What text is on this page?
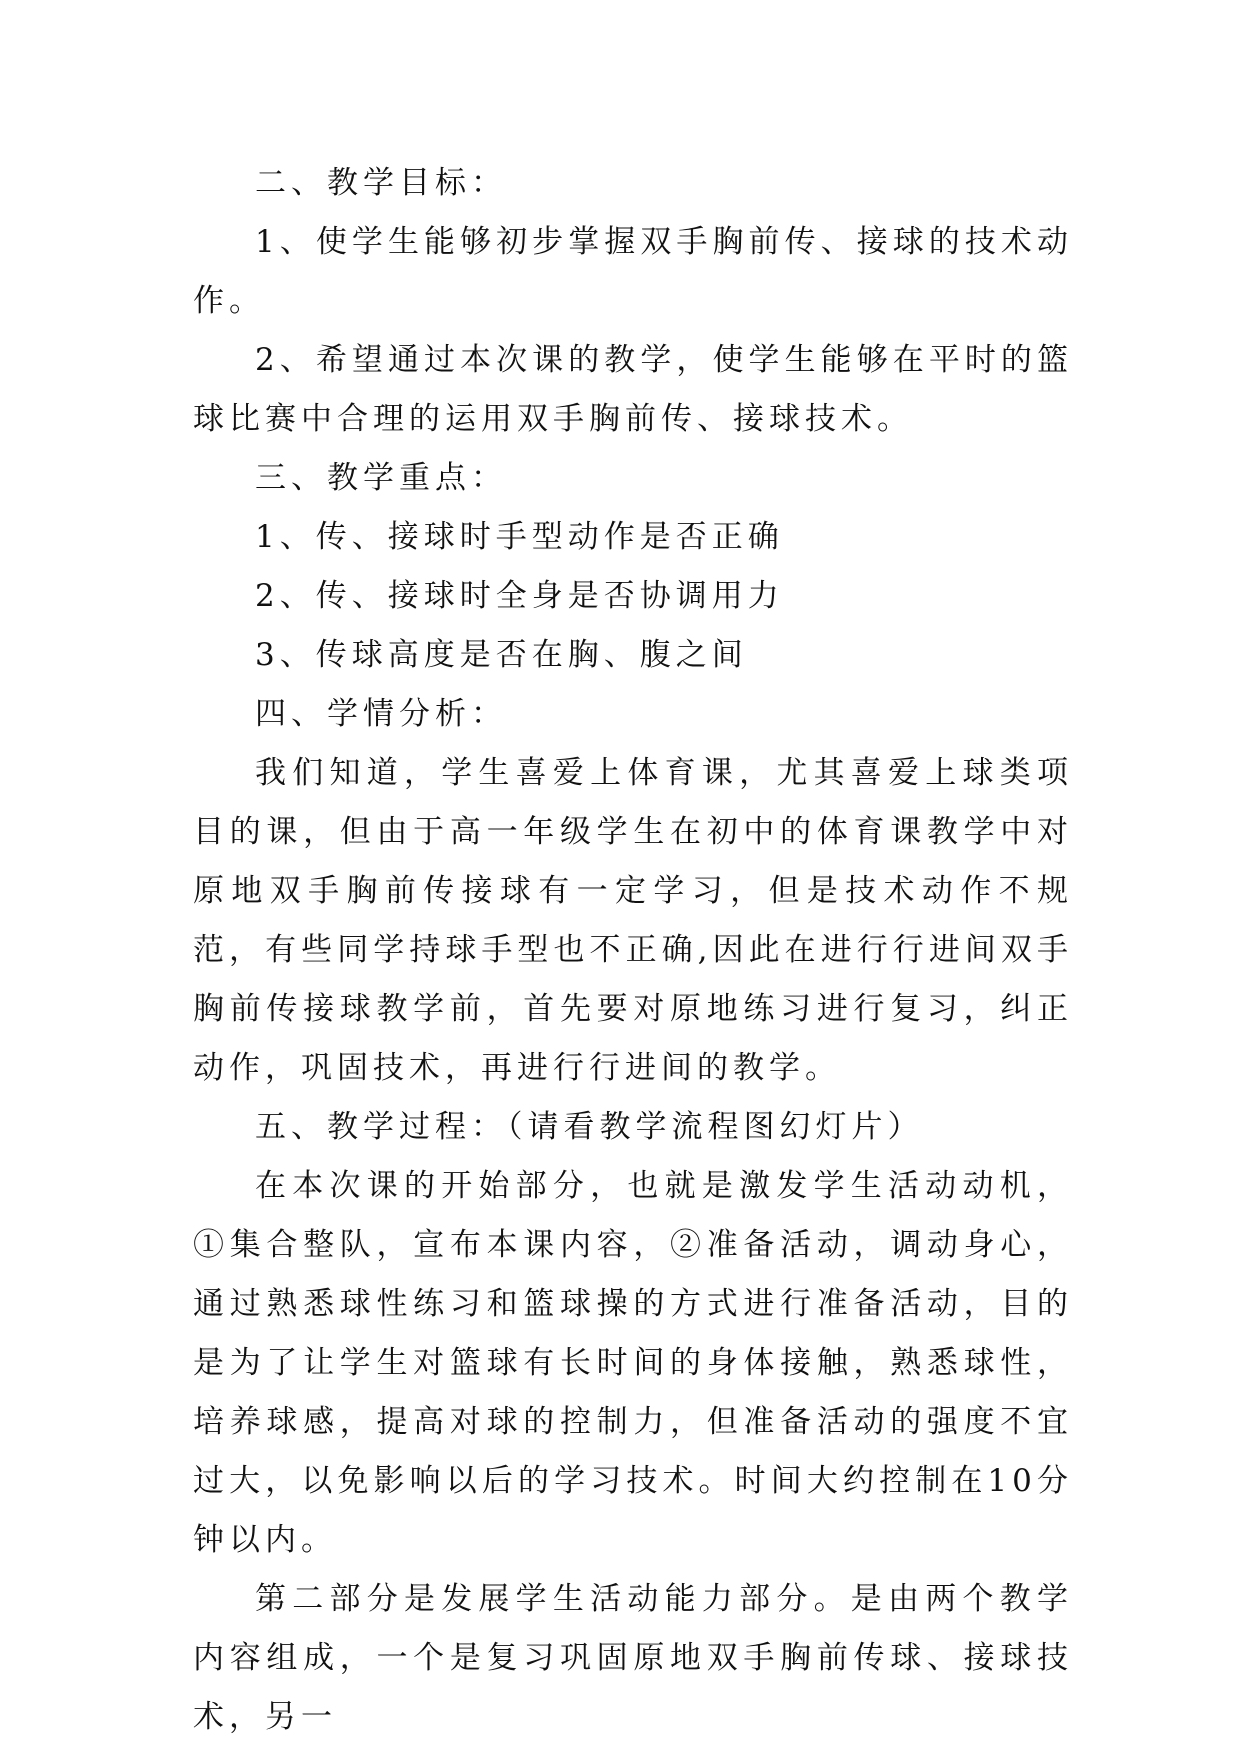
二、教学目标：

1、使学生能够初步掌握双手胸前传、接球的技术动作。

2、希望通过本次课的教学，使学生能够在平时的篮球比赛中合理的运用双手胸前传、接球技术。

三、教学重点：

1、传、接球时手型动作是否正确

2、传、接球时全身是否协调用力

3、传球高度是否在胸、腹之间

四、学情分析：

我们知道，学生喜爱上体育课，尤其喜爱上球类项目的课，但由于高一年级学生在初中的体育课教学中对原地双手胸前传接球有一定学习，但是技术动作不规范，有些同学持球手型也不正确,因此在进行行进间双手胸前传接球教学前，首先要对原地练习进行复习，纠正动作，巩固技术，再进行行进间的教学。

五、教学过程：（请看教学流程图幻灯片）

在本次课的开始部分，也就是激发学生活动动机，①集合整队，宣布本课内容，②准备活动，调动身心， 通过熟悉球性练习和篮球操的方式进行准备活动，目的是为了让学生对篮球有长时间的身体接触，熟悉球性，培养球感，提高对球的控制力，但准备活动的强度不宜过大，以免影响以后的学习技术。时间大约控制在10分钟以内。

第二部分是发展学生活动能力部分。是由两个教学内容组成，一个是复习巩固原地双手胸前传球、接球技术，另一
